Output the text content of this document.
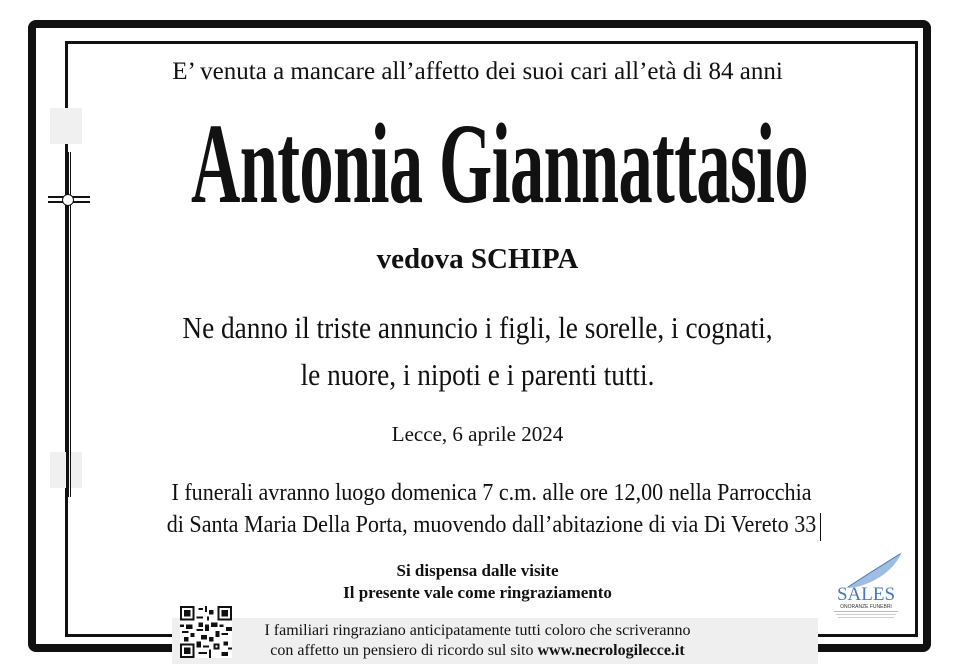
E’ venuta a mancare all’affetto dei suoi cari all’età di 84 anni
Antonia Giannattasio
vedova SCHIPA
Ne danno il triste annuncio i figli, le sorelle, i cognati,
le nuore, i nipoti e i parenti tutti.
Lecce, 6 aprile 2024
I funerali avranno luogo domenica 7 c.m. alle ore 12,00 nella Parrocchia
di Santa Maria Della Porta, muovendo dall’abitazione di via Di Vereto 33
Si dispensa dalle visite
Il presente vale come ringraziamento
I familiari ringraziano anticipatamente tutti coloro che scriveranno
con affetto un pensiero di ricordo sul sito www.necrologilecce.it
SALES
ONORANZE FUNEBRI
